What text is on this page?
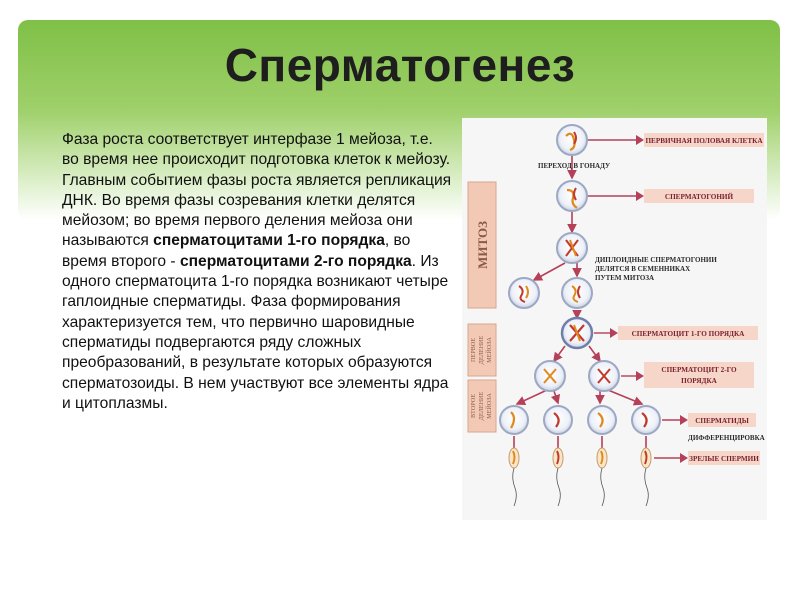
Сперматогенез
Фаза роста соответствует интерфазе 1 мейоза, т.е. во время нее происходит подготовка клеток к мейозу. Главным событием фазы роста является репликация ДНК. Во время фазы созревания клетки делятся мейозом; во время первого деления мейоза они называются сперматоцитами 1-го порядка, во время второго - сперматоцитами 2-го порядка. Из одного сперматоцита 1-го порядка возникают четыре гаплоидные сперматиды. Фаза формирования характеризуется тем, что первично шаровидные сперматиды подвергаются ряду сложных преобразований, в результате которых образуются сперматозоиды. В нем участвуют все элементы ядра и цитоплазмы.
МИТОЗ
ПЕРВОЕ ДЕЛЕНИЕ МЕЙОЗА
ВТОРОЕ ДЕЛЕНИЕ МЕЙОЗА
ПЕРВИЧНАЯ ПОЛОВАЯ КЛЕТКА
ПЕРЕХОД В ГОНАДУ
СПЕРМАТОГОНИЙ
ДИПЛОИДНЫЕ СПЕРМАТОГОНИИ
ДЕЛЯТСЯ В СЕМЕННИКАХ
ПУТЕМ МИТОЗА
СПЕРМАТОЦИТ 1-ГО ПОРЯДКА
СПЕРМАТОЦИТ 2-ГО
ПОРЯДКА
СПЕРМАТИДЫ
ДИФФЕРЕНЦИРОВКА
ЗРЕЛЫЕ СПЕРМИИ
